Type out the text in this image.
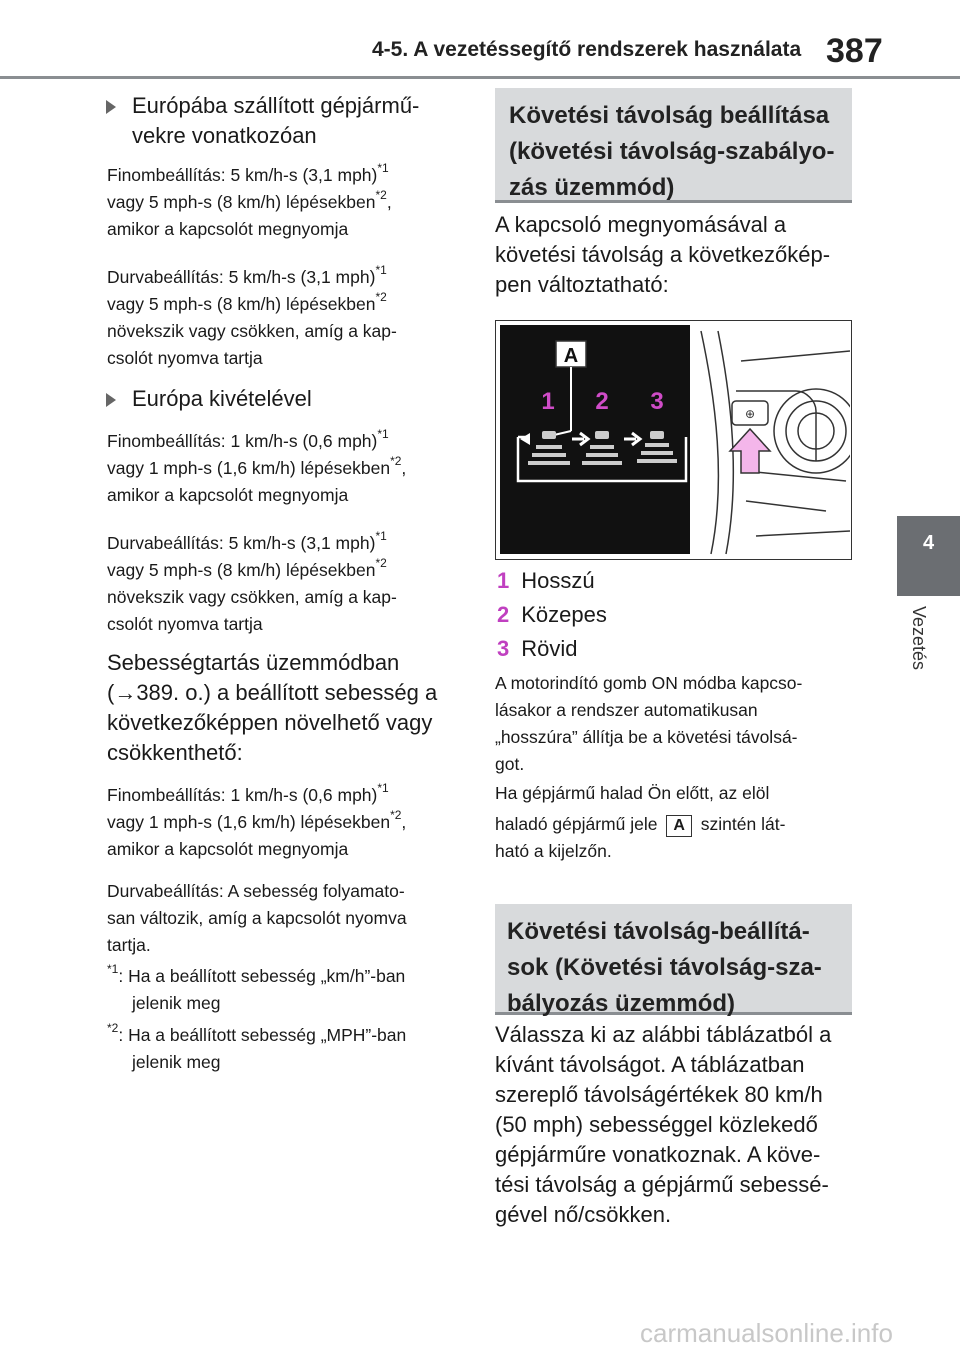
4-5. A vezetéssegítő rendszerek használata 387
4
Vezetés
Európába szállított gépjármű-
vekre vonatkozóan
Finombeállítás: 5 km/h-s (3,1 mph)$^{*1}$
vagy 5 mph-s (8 km/h) lépésekben$^{*2}$,
amikor a kapcsolót megnyomja
Durvabeállítás: 5 km/h-s (3,1 mph)$^{*1}$
vagy 5 mph-s (8 km/h) lépésekben$^{*2}$
növekszik vagy csökken, amíg a kap-
csolót nyomva tartja
Európa kivételével
Finombeállítás: 1 km/h-s (0,6 mph)$^{*1}$
vagy 1 mph-s (1,6 km/h) lépésekben$^{*2}$,
amikor a kapcsolót megnyomja
Durvabeállítás: 5 km/h-s (3,1 mph)$^{*1}$
vagy 5 mph-s (8 km/h) lépésekben$^{*2}$
növekszik vagy csökken, amíg a kap-
csolót nyomva tartja
Sebességtartás üzemmódban
(→389. o.) a beállított sebesség a
következőképpen növelhető vagy
csökkenthető:
Finombeállítás: 1 km/h-s (0,6 mph)$^{*1}$
vagy 1 mph-s (1,6 km/h) lépésekben$^{*2}$,
amikor a kapcsolót megnyomja
Durvabeállítás: A sebesség folyamato-
san változik, amíg a kapcsolót nyomva
tartja.
$^{*1}$: Ha a beállított sebesség „km/h”-ban
jelenik meg
$^{*2}$: Ha a beállított sebesség „MPH”-ban
jelenik meg
Követési távolság beállítása
(követési távolság-szabályo-
zás üzemmód)
A kapcsoló megnyomásával a
követési távolság a következőkép-
pen változtatható:
A
1 2 3	⊕
1 Hosszú
2 Közepes
3 Rövid
A motorindító gomb ON módba kapcso-
lásakor a rendszer automatikusan
„hosszúra” állítja be a követési távolsá-
got.
Ha gépjármű halad Ön előtt, az elöl
haladó gépjármű jele A szintén lát-
ható a kijelzőn.
Követési távolság-beállítá-
sok (Követési távolság-sza-
bályozás üzemmód)
Válassza ki az alábbi táblázatból a
kívánt távolságot. A táblázatban
szereplő távolságértékek 80 km/h
(50 mph) sebességgel közlekedő
gépjárműre vonatkoznak. A köve-
tési távolság a gépjármű sebessé-
gével nő/csökken.
carmanualsonline.info
